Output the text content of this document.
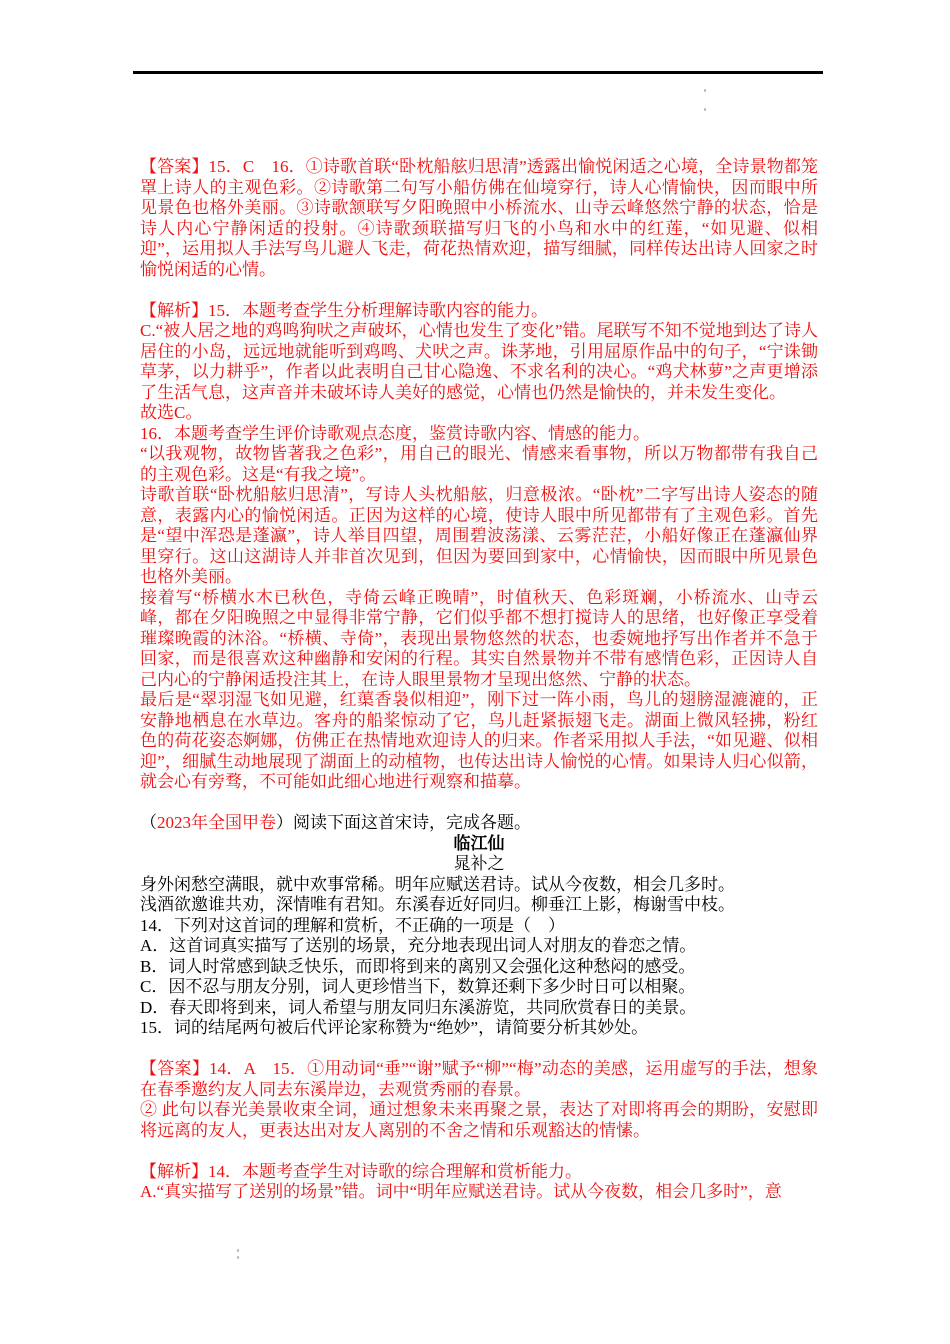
【答案】15．C　16．①诗歌首联“卧枕船舷归思清”透露出愉悦闲适之心境，全诗景物都笼罩上诗人的主观色彩。②诗歌第二句写小船仿佛在仙境穿行，诗人心情愉快，因而眼中所见景色也格外美丽。③诗歌颔联写夕阳晚照中小桥流水、山寺云峰悠然宁静的状态，恰是诗人内心宁静闲适的投射。④诗歌颈联描写归飞的小鸟和水中的红莲，“如见避、似相迎”，运用拟人手法写鸟儿避人飞走，荷花热情欢迎，描写细腻，同样传达出诗人回家之时愉悦闲适的心情。

【解析】15．本题考查学生分析理解诗歌内容的能力。

C.“被人居之地的鸡鸣狗吠之声破坏，心情也发生了变化”错。尾联写不知不觉地到达了诗人居住的小岛，远远地就能听到鸡鸣、犬吠之声。诛茅地，引用屈原作品中的句子，“宁诛锄草茅，以力耕乎”，作者以此表明自己甘心隐逸、不求名利的决心。“鸡犬林萝”之声更增添了生活气息，这声音并未破坏诗人美好的感觉，心情也仍然是愉快的，并未发生变化。

故选C。

16．本题考查学生评价诗歌观点态度，鉴赏诗歌内容、情感的能力。

“以我观物，故物皆著我之色彩”，用自己的眼光、情感来看事物，所以万物都带有我自己的主观色彩。这是“有我之境”。

诗歌首联“卧枕船舷归思清”，写诗人头枕船舷，归意极浓。“卧枕”二字写出诗人姿态的随意，表露内心的愉悦闲适。正因为这样的心境，使诗人眼中所见都带有了主观色彩。首先是“望中浑恐是蓬瀛”，诗人举目四望，周围碧波荡漾、云雾茫茫，小船好像正在蓬瀛仙界里穿行。这山这湖诗人并非首次见到，但因为要回到家中，心情愉快，因而眼中所见景色也格外美丽。

接着写“桥横水木已秋色，寺倚云峰正晚晴”，时值秋天、色彩斑斓，小桥流水、山寺云峰，都在夕阳晚照之中显得非常宁静，它们似乎都不想打搅诗人的思绪，也好像正享受着璀璨晚霞的沐浴。“桥横、寺倚”，表现出景物悠然的状态，也委婉地抒写出作者并不急于回家，而是很喜欢这种幽静和安闲的行程。其实自然景物并不带有感情色彩，正因诗人自己内心的宁静闲适投注其上，在诗人眼里景物才呈现出悠然、宁静的状态。

最后是“翠羽湿飞如见避，红蕖香袅似相迎”，刚下过一阵小雨，鸟儿的翅膀湿漉漉的，正安静地栖息在水草边。客舟的船桨惊动了它，鸟儿赶紧振翅飞走。湖面上微风轻拂，粉红色的荷花姿态婀娜，仿佛正在热情地欢迎诗人的归来。作者采用拟人手法，“如见避、似相迎”，细腻生动地展现了湖面上的动植物，也传达出诗人愉悦的心情。如果诗人归心似箭，就会心有旁骛，不可能如此细心地进行观察和描摹。

（2023年全国甲卷）阅读下面这首宋诗，完成各题。

临江仙

晁补之

身外闲愁空满眼，就中欢事常稀。明年应赋送君诗。试从今夜数，相会几多时。

浅酒欲邀谁共劝，深情唯有君知。东溪春近好同归。柳垂江上影，梅谢雪中枝。

14．下列对这首词的理解和赏析，不正确的一项是（　）

A．这首词真实描写了送别的场景，充分地表现出词人对朋友的眷恋之情。

B．词人时常感到缺乏快乐，而即将到来的离别又会强化这种愁闷的感受。

C．因不忍与朋友分别，词人更珍惜当下，数算还剩下多少时日可以相聚。

D．春天即将到来，词人希望与朋友同归东溪游览，共同欣赏春日的美景。

15．词的结尾两句被后代评论家称赞为“绝妙”，请简要分析其妙处。

【答案】14．A　15．①用动词“垂”“谢”赋予“柳”“梅”动态的美感，运用虚写的手法，想象在春季邀约友人同去东溪岸边，去观赏秀丽的春景。

② 此句以春光美景收束全词，通过想象未来再聚之景，表达了对即将再会的期盼，安慰即将远离的友人，更表达出对友人离别的不舍之情和乐观豁达的情愫。

【解析】14．本题考查学生对诗歌的综合理解和赏析能力。

A.“真实描写了送别的场景”错。词中“明年应赋送君诗。试从今夜数，相会几多时”，意
